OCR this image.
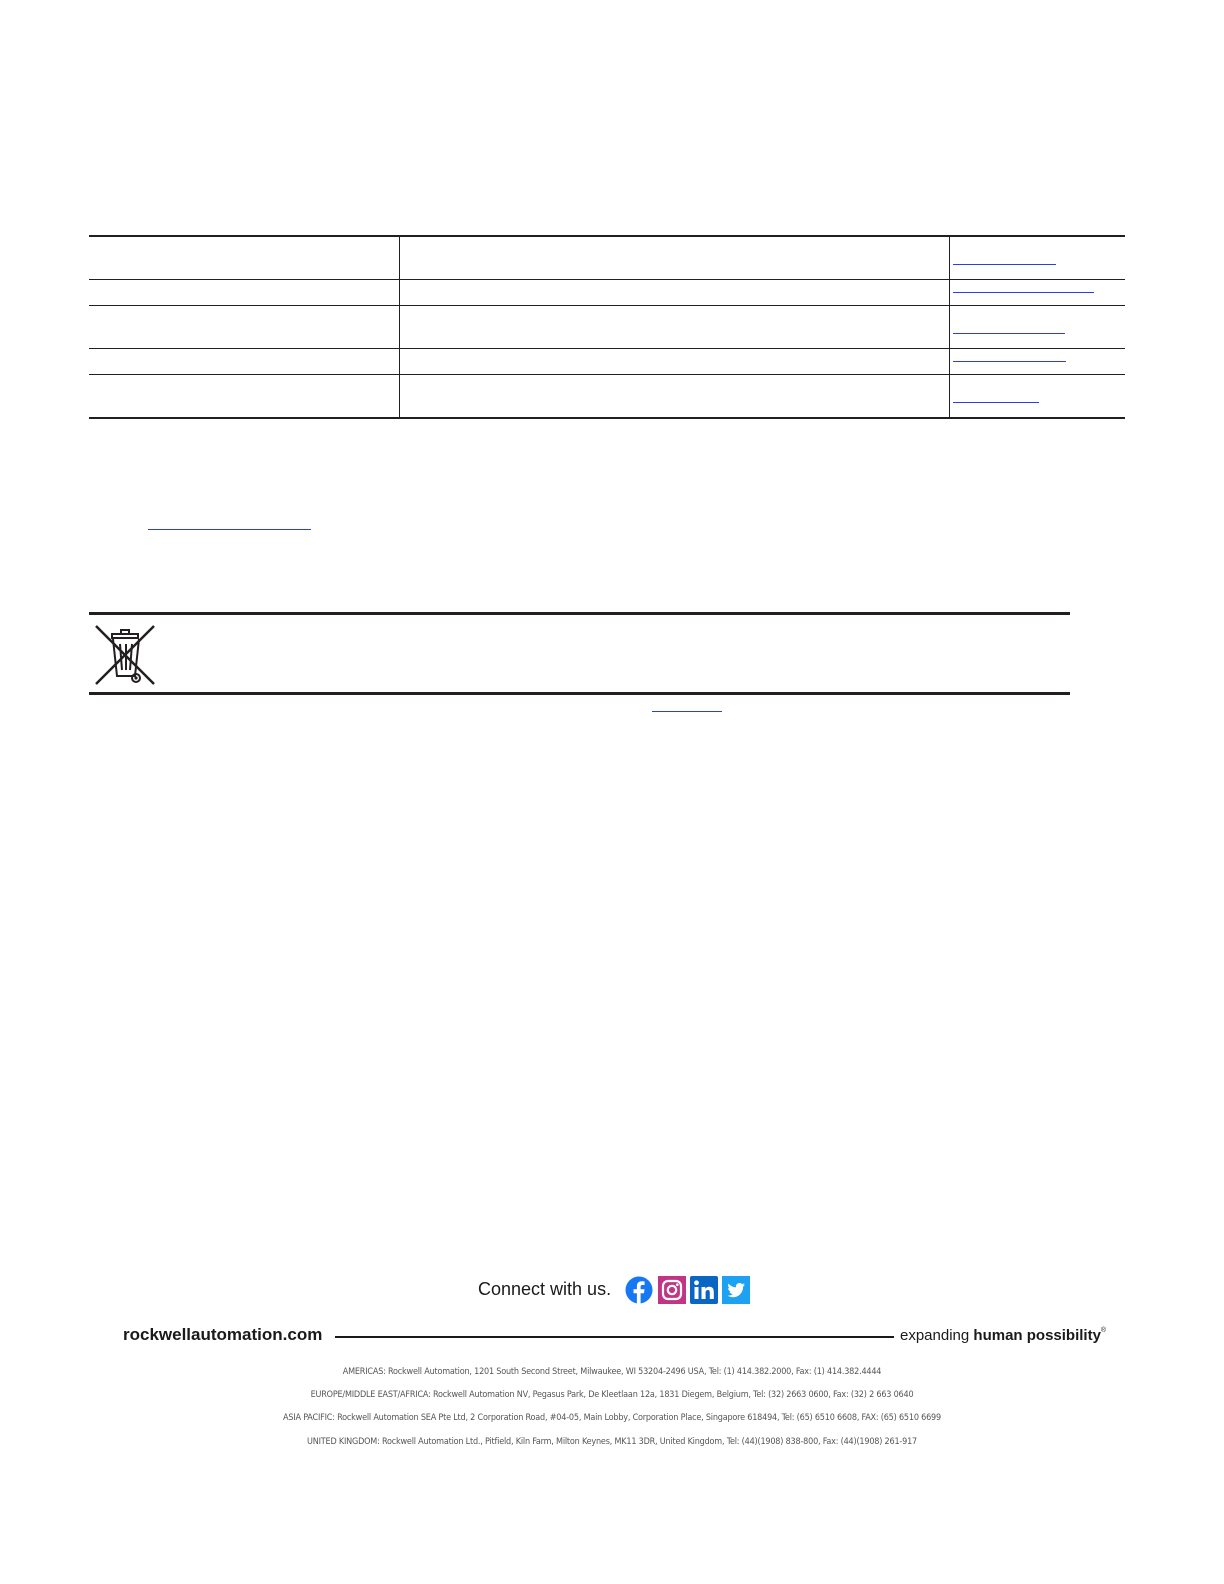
Connect with us.
rockwellautomation.com	expanding human possibility®
AMERICAS: Rockwell Automation, 1201 South Second Street, Milwaukee, WI 53204-2496 USA, Tel: (1) 414.382.2000, Fax: (1) 414.382.4444
EUROPE/MIDDLE EAST/AFRICA: Rockwell Automation NV, Pegasus Park, De Kleetlaan 12a, 1831 Diegem, Belgium, Tel: (32) 2663 0600, Fax: (32) 2 663 0640
ASIA PACIFIC: Rockwell Automation SEA Pte Ltd, 2 Corporation Road, #04-05, Main Lobby, Corporation Place, Singapore 618494, Tel: (65) 6510 6608, FAX: (65) 6510 6699
UNITED KINGDOM: Rockwell Automation Ltd., Pitfield, Kiln Farm, Milton Keynes, MK11 3DR, United Kingdom, Tel: (44)(1908) 838-800, Fax: (44)(1908) 261-917
